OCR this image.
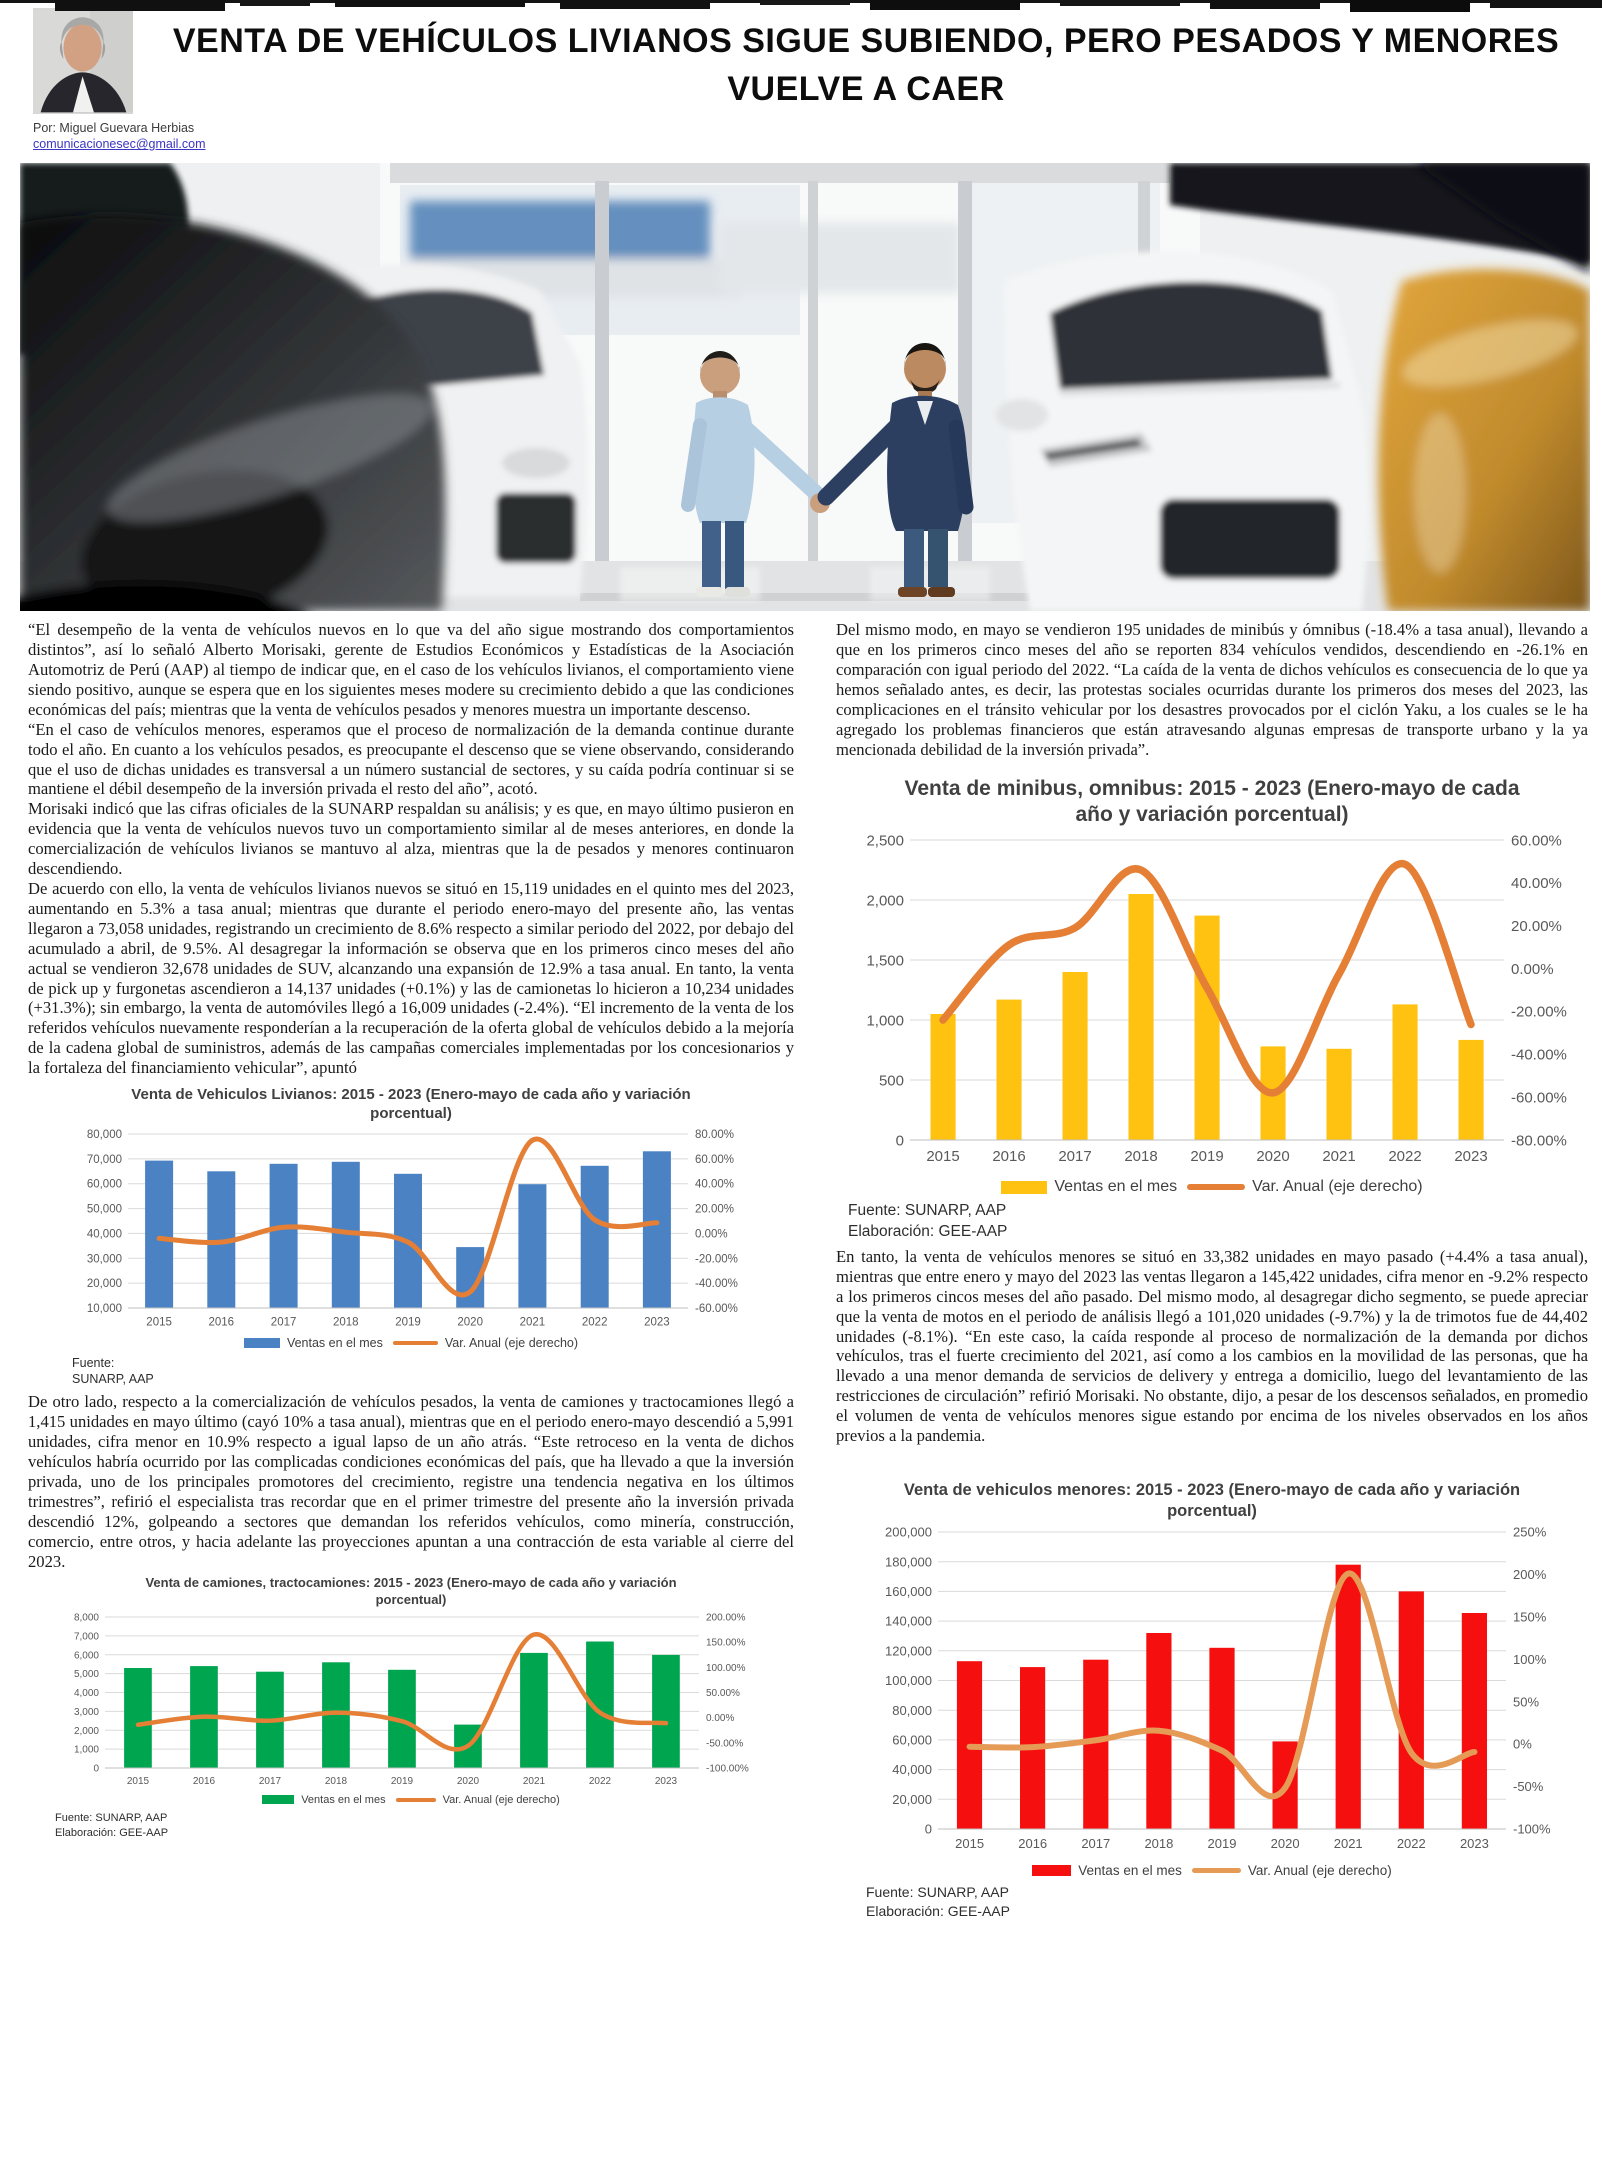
VENTA DE VEHÍCULOS LIVIANOS SIGUE SUBIENDO, PERO PESADOS Y MENORES VUELVE A CAER
Por: Miguel Guevara Herbias
comunicacionesec@gmail.com

“El desempeño de la venta de vehículos nuevos en lo que va del año sigue mostrando dos comportamientos distintos”, así lo señaló Alberto Morisaki, gerente de Estudios Económicos y Estadísticas de la Asociación Automotriz de Perú (AAP) al tiempo de indicar que, en el caso de los vehículos livianos, el comportamiento viene siendo positivo, aunque se espera que en los siguientes meses modere su crecimiento debido a que las condiciones económicas del país; mientras que la venta de vehículos pesados y menores muestra un importante descenso.

“En el caso de vehículos menores, esperamos que el proceso de normalización de la demanda continue durante todo el año. En cuanto a los vehículos pesados, es preocupante el descenso que se viene observando, considerando que el uso de dichas unidades es transversal a un número sustancial de sectores, y su caída podría continuar si se mantiene el débil desempeño de la inversión privada el resto del año”, acotó.

Morisaki indicó que las cifras oficiales de la SUNARP respaldan su análisis; y es que, en mayo último pusieron en evidencia que la venta de vehículos nuevos tuvo un comportamiento similar al de meses anteriores, en donde la comercialización de vehículos livianos se mantuvo al alza, mientras que la de pesados y menores continuaron descendiendo.

De acuerdo con ello, la venta de vehículos livianos nuevos se situó en 15,119 unidades en el quinto mes del 2023, aumentando en 5.3% a tasa anual; mientras que durante el periodo enero-mayo del presente año, las ventas llegaron a 73,058 unidades, registrando un crecimiento de 8.6% respecto a similar periodo del 2022, por debajo del acumulado a abril, de 9.5%. Al desagregar la información se observa que en los primeros cinco meses del año actual se vendieron 32,678 unidades de SUV, alcanzando una expansión de 12.9% a tasa anual. En tanto, la venta de pick up y furgonetas ascendieron a 14,137 unidades (+0.1%) y las de camionetas lo hicieron a 10,234 unidades (+31.3%); sin embargo, la venta de automóviles llegó a 16,009 unidades (-2.4%). “El incremento de la venta de los referidos vehículos nuevamente responderían a la recuperación de la oferta global de vehículos debido a la mejoría de la cadena global de suministros, además de las campañas comerciales implementadas por los concesionarios y la fortaleza del financiamiento vehicular”, apuntó

Venta de Vehiculos Livianos: 2015 - 2023 (Enero-mayo de cada año y variación porcentual)
80,000
70,000
60,000
50,000
40,000
30,000
20,000
10,000
80.00%
60.00%
40.00%
20.00%
0.00%
-20.00%
-40.00%
-60.00%
2015	2016	2017	2018	2019	2020	2021	2022	2023
Ventas en el mes	Var. Anual (eje derecho)
Fuente:
SUNARP, AAP

De otro lado, respecto a la comercialización de vehículos pesados, la venta de camiones y tractocamiones llegó a 1,415 unidades en mayo último (cayó 10% a tasa anual), mientras que en el periodo enero-mayo descendió a 5,991 unidades, cifra menor en 10.9% respecto a igual lapso de un año atrás. “Este retroceso en la venta de dichos vehículos habría ocurrido por las complicadas condiciones económicas del país, que ha llevado a que la inversión privada, uno de los principales promotores del crecimiento, registre una tendencia negativa en los últimos trimestres”, refirió el especialista tras recordar que en el primer trimestre del presente año la inversión privada descendió 12%, golpeando a sectores que demandan los referidos vehículos, como minería, construcción, comercio, entre otros, y hacia adelante las proyecciones apuntan a una contracción de esta variable al cierre del 2023.

Venta de camiones, tractocamiones: 2015 - 2023 (Enero-mayo de cada año y variación porcentual)
8,000
7,000
6,000
5,000
4,000
3,000
2,000
1,000
0
200.00%
150.00%
100.00%
50.00%
0.00%
-50.00%
-100.00%
2015	2016	2017	2018	2019	2020	2021	2022	2023
Ventas en el mes	Var. Anual (eje derecho)
Fuente: SUNARP, AAP
Elaboración: GEE-AAP

Del mismo modo, en mayo se vendieron 195 unidades de minibús y ómnibus (-18.4% a tasa anual), llevando a que en los primeros cinco meses del año se reporten 834 vehículos vendidos, descendiendo en -26.1% en comparación con igual periodo del 2022. “La caída de la venta de dichos vehículos es consecuencia de lo que ya hemos señalado antes, es decir, las protestas sociales ocurridas durante los primeros dos meses del 2023, las complicaciones en el tránsito vehicular por los desastres provocados por el ciclón Yaku, a los cuales se le ha agregado los problemas financieros que están atravesando algunas empresas de transporte urbano y la ya mencionada debilidad de la inversión privada”.

Venta de minibus, omnibus: 2015 - 2023 (Enero-mayo de cada año y variación porcentual)
2,500
2,000
1,500
1,000
500
0
60.00%
40.00%
20.00%
0.00%
-20.00%
-40.00%
-60.00%
-80.00%
2015 2016 2017 2018 2019 2020 2021 2022 2023
Ventas en el mes	Var. Anual (eje derecho)
Fuente: SUNARP, AAP
Elaboración: GEE-AAP

En tanto, la venta de vehículos menores se situó en 33,382 unidades en mayo pasado (+4.4% a tasa anual), mientras que entre enero y mayo del 2023 las ventas llegaron a 145,422 unidades, cifra menor en -9.2% respecto a los primeros cincos meses del año pasado. Del mismo modo, al desagregar dicho segmento, se puede apreciar que la venta de motos en el periodo de análisis llegó a 101,020 unidades (-9.7%) y la de trimotos fue de 44,402 unidades (-8.1%). “En este caso, la caída responde al proceso de normalización de la demanda por dichos vehículos, tras el fuerte crecimiento del 2021, así como a los cambios en la movilidad de las personas, que ha llevado a una menor demanda de servicios de delivery y entrega a domicilio, luego del levantamiento de las restricciones de circulación” refirió Morisaki. No obstante, dijo, a pesar de los descensos señalados, en promedio el volumen de venta de vehículos menores sigue estando por encima de los niveles observados en los años previos a la pandemia.

Venta de vehiculos menores: 2015 - 2023 (Enero-mayo de cada año y variación porcentual)
200,000
180,000
160,000
140,000
120,000
100,000
80,000
60,000
40,000
20,000
0
250%
200%
150%
100%
50%
0%
-50%
-100%
2015	2016	2017	2018	2019	2020	2021	2022	2023
Ventas en el mes	Var. Anual (eje derecho)
Fuente: SUNARP, AAP
Elaboración: GEE-AAP
